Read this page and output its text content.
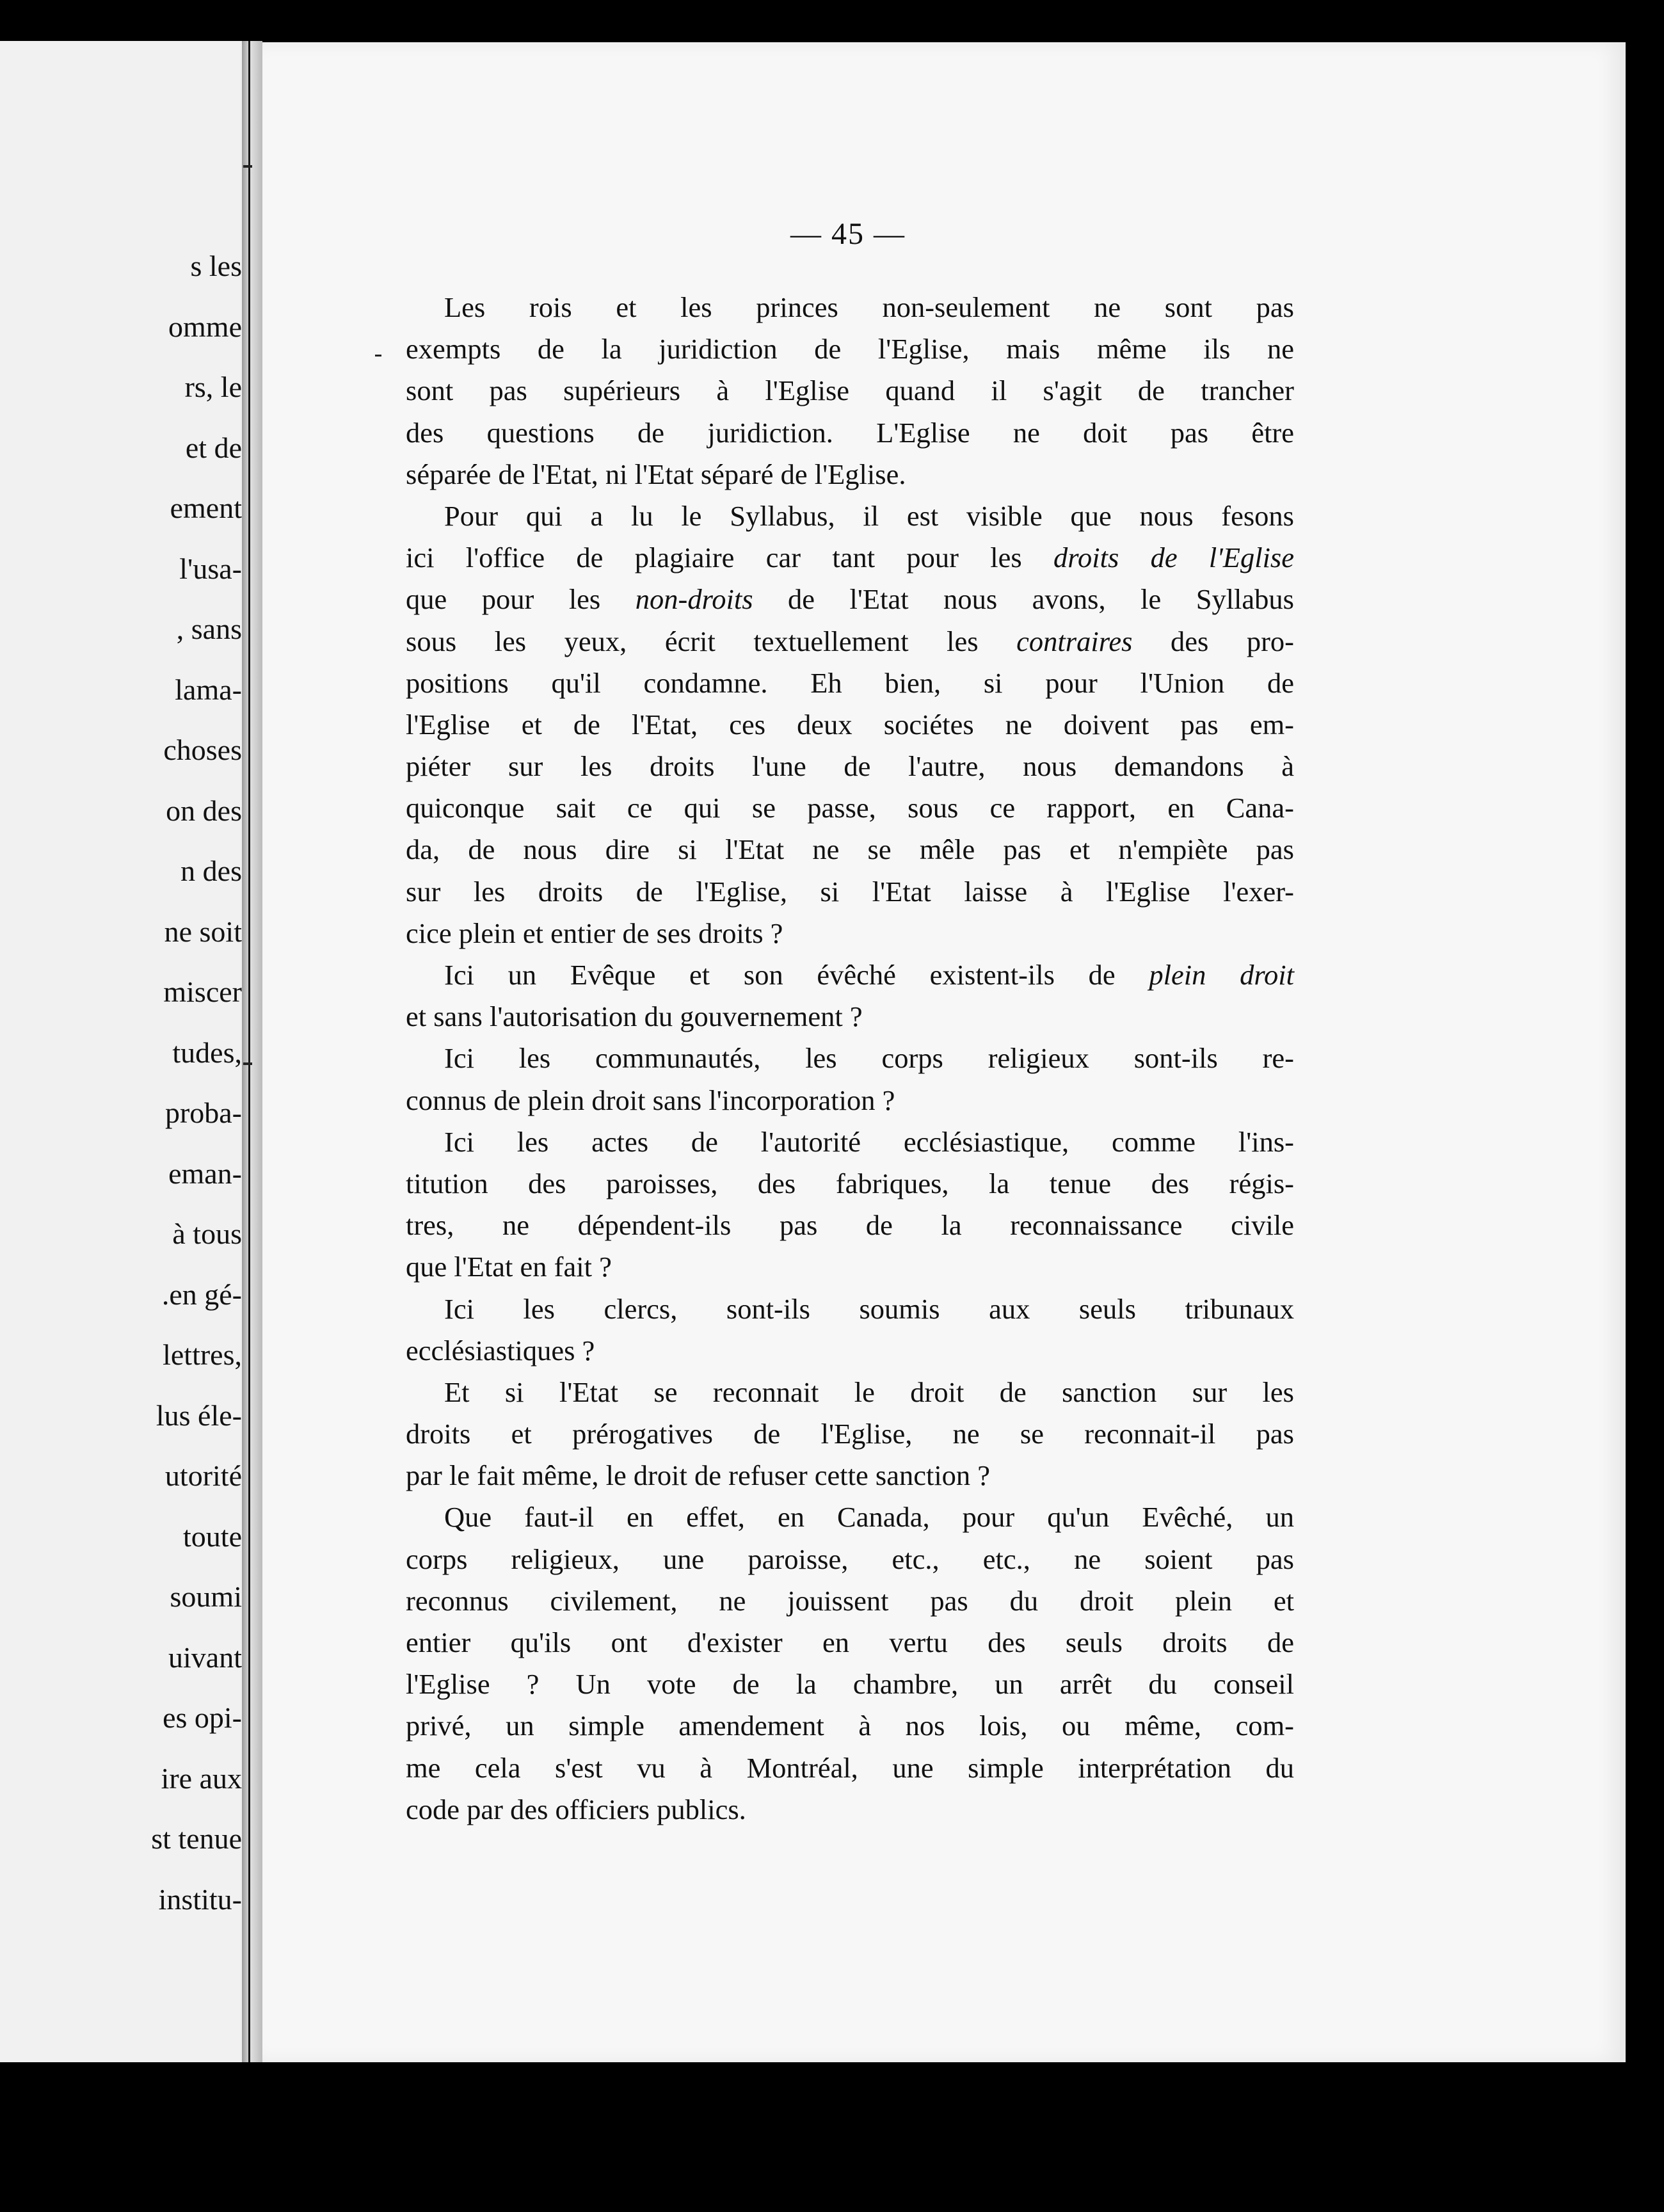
s les
omme
rs, le
et de
ement
l'usa-
, sans
lama-
choses
on des
n des
ne soit
miscer
tudes,
proba-
eman-
à tous
.en gé-
lettres,
lus éle-
utorité
toute
soumi
uivant
es opi-
ire aux
st tenue
institu-
— 45 —
Les rois et les princes non-seulement ne sont pas
exempts de la juridiction de l'Eglise, mais même ils ne
sont pas supérieurs à l'Eglise quand il s'agit de trancher
des questions de juridiction. L'Eglise ne doit pas être
séparée de l'Etat, ni l'Etat séparé de l'Eglise.
Pour qui a lu le Syllabus, il est visible que nous fesons
ici l'office de plagiaire car tant pour les droits de l'Eglise
que pour les non-droits de l'Etat nous avons, le Syllabus
sous les yeux, écrit textuellement les contraires des pro-
positions qu'il condamne. Eh bien, si pour l'Union de
l'Eglise et de l'Etat, ces deux sociétes ne doivent pas em-
piéter sur les droits l'une de l'autre, nous demandons à
quiconque sait ce qui se passe, sous ce rapport, en Cana-
da, de nous dire si l'Etat ne se mêle pas et n'empiète pas
sur les droits de l'Eglise, si l'Etat laisse à l'Eglise l'exer-
cice plein et entier de ses droits ?
Ici un Evêque et son évêché existent-ils de plein droit
et sans l'autorisation du gouvernement ?
Ici les communautés, les corps religieux sont-ils re-
connus de plein droit sans l'incorporation ?
Ici les actes de l'autorité ecclésiastique, comme l'ins-
titution des paroisses, des fabriques, la tenue des régis-
tres, ne dépendent-ils pas de la reconnaissance civile
que l'Etat en fait ?
Ici les clercs, sont-ils soumis aux seuls tribunaux
ecclésiastiques ?
Et si l'Etat se reconnait le droit de sanction sur les
droits et prérogatives de l'Eglise, ne se reconnait-il pas
par le fait même, le droit de refuser cette sanction ?
Que faut-il en effet, en Canada, pour qu'un Evêché, un
corps religieux, une paroisse, etc., etc., ne soient pas
reconnus civilement, ne jouissent pas du droit plein et
entier qu'ils ont d'exister en vertu des seuls droits de
l'Eglise ? Un vote de la chambre, un arrêt du conseil
privé, un simple amendement à nos lois, ou même, com-
me cela s'est vu à Montréal, une simple interprétation du
code par des officiers publics.
